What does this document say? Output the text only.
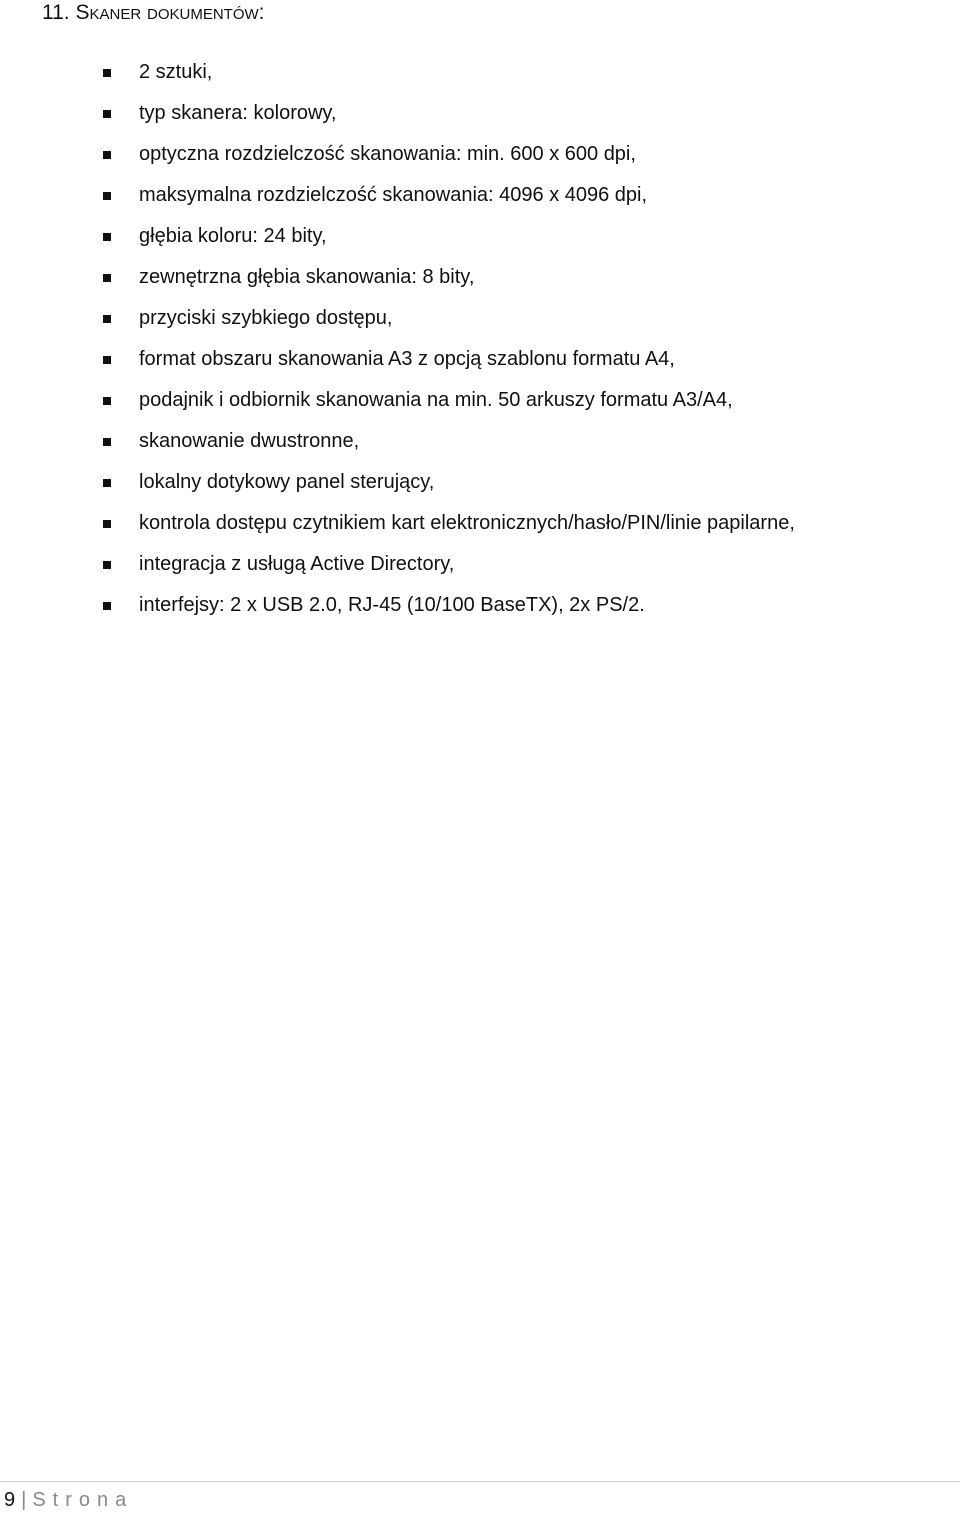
11. Skaner dokumentów:
2 sztuki,
typ skanera: kolorowy,
optyczna rozdzielczość skanowania: min. 600 x 600 dpi,
maksymalna rozdzielczość skanowania: 4096 x 4096 dpi,
głębia koloru: 24 bity,
zewnętrzna głębia skanowania: 8 bity,
przyciski szybkiego dostępu,
format obszaru skanowania A3 z opcją szablonu formatu A4,
podajnik i odbiornik skanowania na min. 50 arkuszy formatu A3/A4,
skanowanie dwustronne,
lokalny dotykowy panel sterujący,
kontrola dostępu czytnikiem kart elektronicznych/hasło/PIN/linie papilarne,
integracja z usługą Active Directory,
interfejsy: 2 x USB 2.0, RJ-45 (10/100 BaseTX), 2x PS/2.
9 | Strona
